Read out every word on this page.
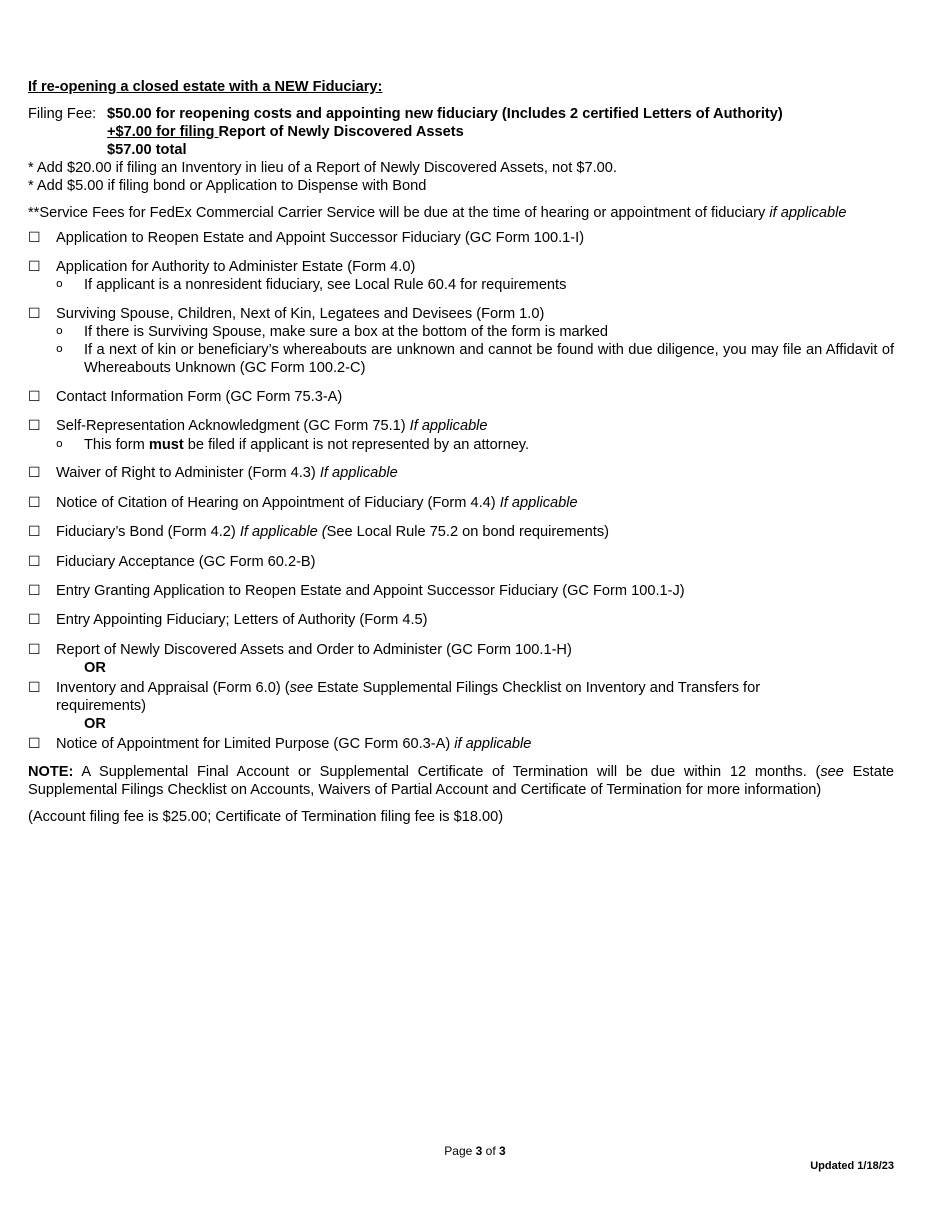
If re-opening a closed estate with a NEW Fiduciary:
Filing Fee: $50.00 for reopening costs and appointing new fiduciary (Includes 2 certified Letters of Authority)
+$7.00 for filing Report of Newly Discovered Assets
$57.00 total
* Add $20.00 if filing an Inventory in lieu of a Report of Newly Discovered Assets, not $7.00.
* Add $5.00 if filing bond or Application to Dispense with Bond
**Service Fees for FedEx Commercial Carrier Service will be due at the time of hearing or appointment of fiduciary if applicable
☐ Application to Reopen Estate and Appoint Successor Fiduciary (GC Form 100.1-I)
☐ Application for Authority to Administer Estate (Form 4.0)
o If applicant is a nonresident fiduciary, see Local Rule 60.4 for requirements
☐ Surviving Spouse, Children, Next of Kin, Legatees and Devisees (Form 1.0)
o If there is Surviving Spouse, make sure a box at the bottom of the form is marked
o If a next of kin or beneficiary’s whereabouts are unknown and cannot be found with due diligence, you may file an Affidavit of Whereabouts Unknown (GC Form 100.2-C)
☐ Contact Information Form (GC Form 75.3-A)
☐ Self-Representation Acknowledgment (GC Form 75.1) If applicable
o This form must be filed if applicant is not represented by an attorney.
☐ Waiver of Right to Administer (Form 4.3) If applicable
☐ Notice of Citation of Hearing on Appointment of Fiduciary (Form 4.4) If applicable
☐ Fiduciary’s Bond (Form 4.2) If applicable (See Local Rule 75.2 on bond requirements)
☐ Fiduciary Acceptance (GC Form 60.2-B)
☐ Entry Granting Application to Reopen Estate and Appoint Successor Fiduciary (GC Form 100.1-J)
☐ Entry Appointing Fiduciary; Letters of Authority (Form 4.5)
☐ Report of Newly Discovered Assets and Order to Administer (GC Form 100.1-H)
OR
☐ Inventory and Appraisal (Form 6.0) (see Estate Supplemental Filings Checklist on Inventory and Transfers for requirements)
OR
☐ Notice of Appointment for Limited Purpose (GC Form 60.3-A) if applicable
NOTE: A Supplemental Final Account or Supplemental Certificate of Termination will be due within 12 months. (see Estate Supplemental Filings Checklist on Accounts, Waivers of Partial Account and Certificate of Termination for more information)
(Account filing fee is $25.00; Certificate of Termination filing fee is $18.00)
Page 3 of 3
Updated 1/18/23
